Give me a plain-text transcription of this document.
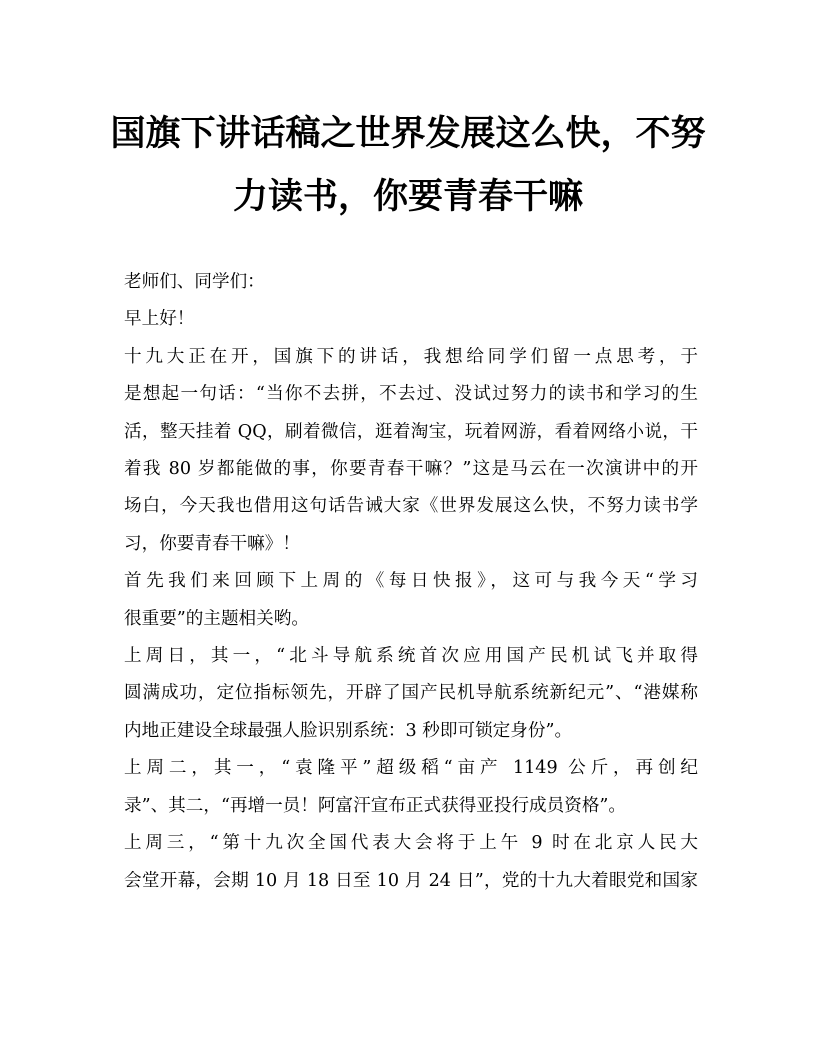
国旗下讲话稿之世界发展这么快，不努
力读书，你要青春干嘛

老师们、同学们：

早上好！

十九大正在开，国旗下的讲话，我想给同学们留一点思考，于
是想起一句话：“当你不去拼，不去过、没试过努力的读书和学习的生
活，整天挂着 QQ，刷着微信，逛着淘宝，玩着网游，看着网络小说，干
着我 80 岁都能做的事，你要青春干嘛？”这是马云在一次演讲中的开
场白，今天我也借用这句话告诫大家《世界发展这么快，不努力读书学
习，你要青春干嘛》！

首先我们来回顾下上周的《每日快报》，这可与我今天“学习
很重要”的主题相关哟。

上周日，其一，“北斗导航系统首次应用国产民机试飞并取得
圆满成功，定位指标领先，开辟了国产民机导航系统新纪元”、“港媒称
内地正建设全球最强人脸识别系统：3 秒即可锁定身份”。

上周二，其一，“袁隆平”超级稻“亩产 1149 公斤，再创纪
录”、其二，“再增一员！阿富汗宣布正式获得亚投行成员资格”。

上周三，“第十九次全国代表大会将于上午 9 时在北京人民大
会堂开幕，会期 10 月 18 日至 10 月 24 日”，党的十九大着眼党和国家
